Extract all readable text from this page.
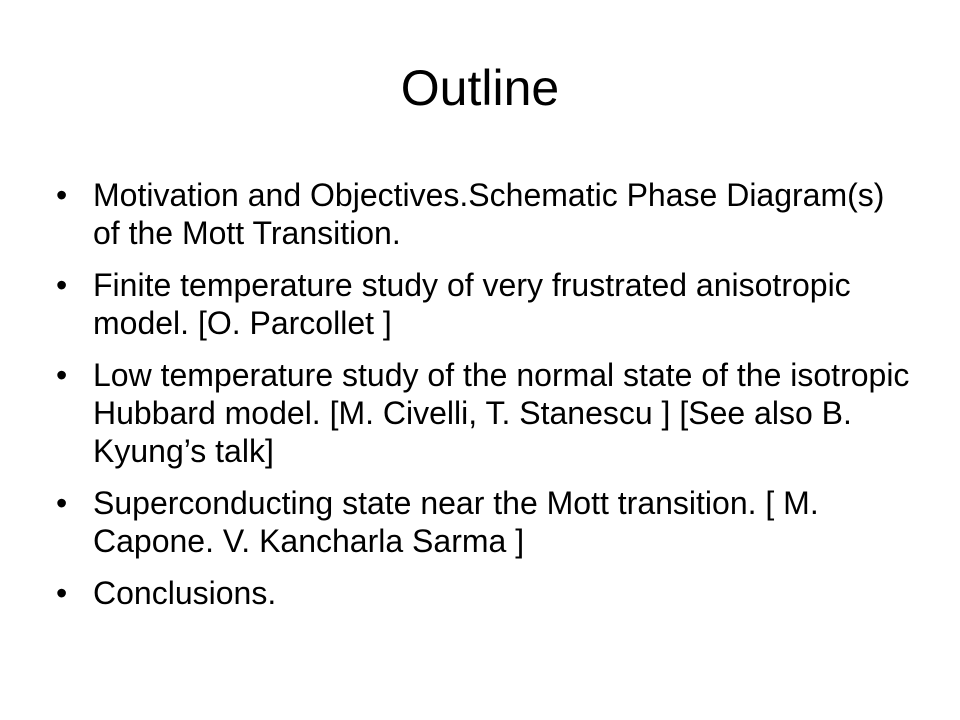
Outline
• Motivation and Objectives.Schematic Phase Diagram(s) of the Mott Transition.
• Finite temperature study of very frustrated anisotropic model. [O. Parcollet ]
• Low temperature study of the normal state of the isotropic Hubbard model. [M. Civelli, T. Stanescu ] [See also B. Kyung’s talk]
• Superconducting state near the Mott transition. [ M. Capone. V. Kancharla Sarma ]
• Conclusions.
